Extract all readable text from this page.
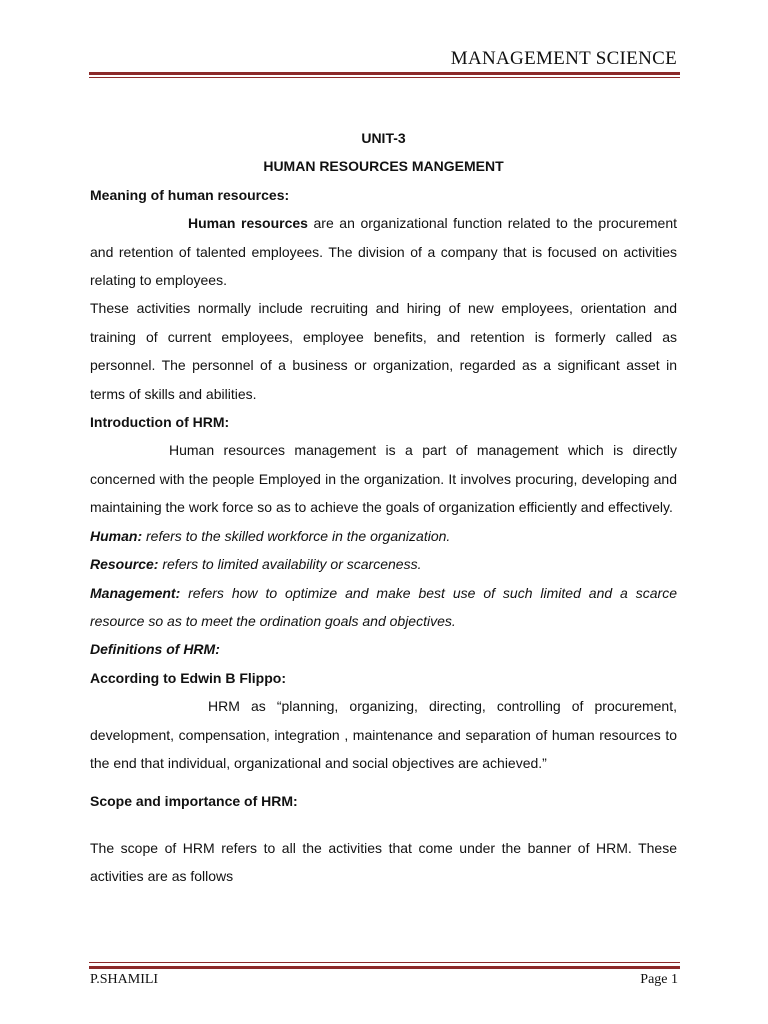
MANAGEMENT SCIENCE

UNIT-3

HUMAN RESOURCES MANGEMENT

Meaning of human resources:

Human resources are an organizational function related to the procurement and retention of talented employees. The division of a company that is focused on activities relating to employees.

These activities normally include recruiting and hiring of new employees, orientation and training of current employees, employee benefits, and retention is formerly called as personnel. The personnel of a business or organization, regarded as a significant asset in terms of skills and abilities.

Introduction of HRM:

Human resources management is a part of management which is directly concerned with the people Employed in the organization. It involves procuring, developing and maintaining the work force so as to achieve the goals of organization efficiently and effectively.

Human: refers to the skilled workforce in the organization.

Resource: refers to limited availability or scarceness.

Management: refers how to optimize and make best use of such limited and a scarce resource so as to meet the ordination goals and objectives.

Definitions of HRM:

According to Edwin B Flippo:

HRM as “planning, organizing, directing, controlling of procurement, development, compensation, integration , maintenance and separation of human resources to the end that individual, organizational and social objectives are achieved.”

Scope and importance of HRM:

The scope of HRM refers to all the activities that come under the banner of HRM. These activities are as follows

P.SHAMILI	Page 1
